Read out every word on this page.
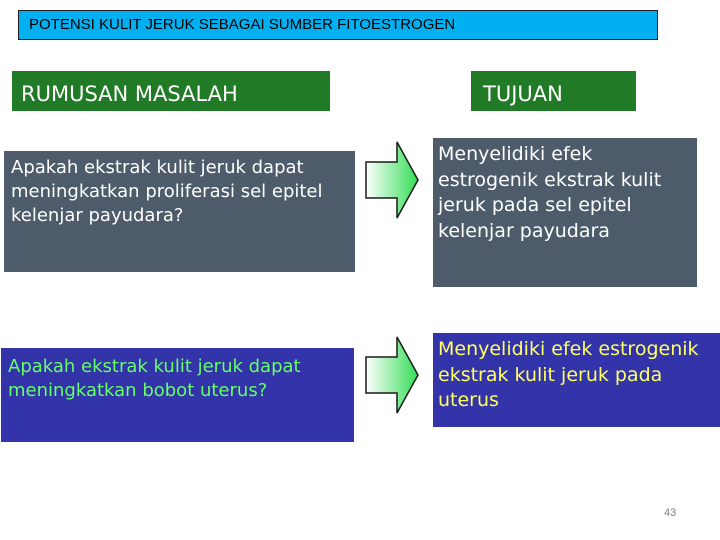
POTENSI KULIT JERUK SEBAGAI SUMBER FITOESTROGEN
RUMUSAN MASALAH	TUJUAN
Apakah ekstrak kulit jeruk dapat meningkatkan proliferasi sel epitel kelenjar payudara?
Menyelidiki efek estrogenik ekstrak kulit jeruk pada sel epitel kelenjar payudara
Apakah ekstrak kulit jeruk dapat meningkatkan bobot uterus?
Menyelidiki efek estrogenik ekstrak kulit jeruk pada uterus
43
